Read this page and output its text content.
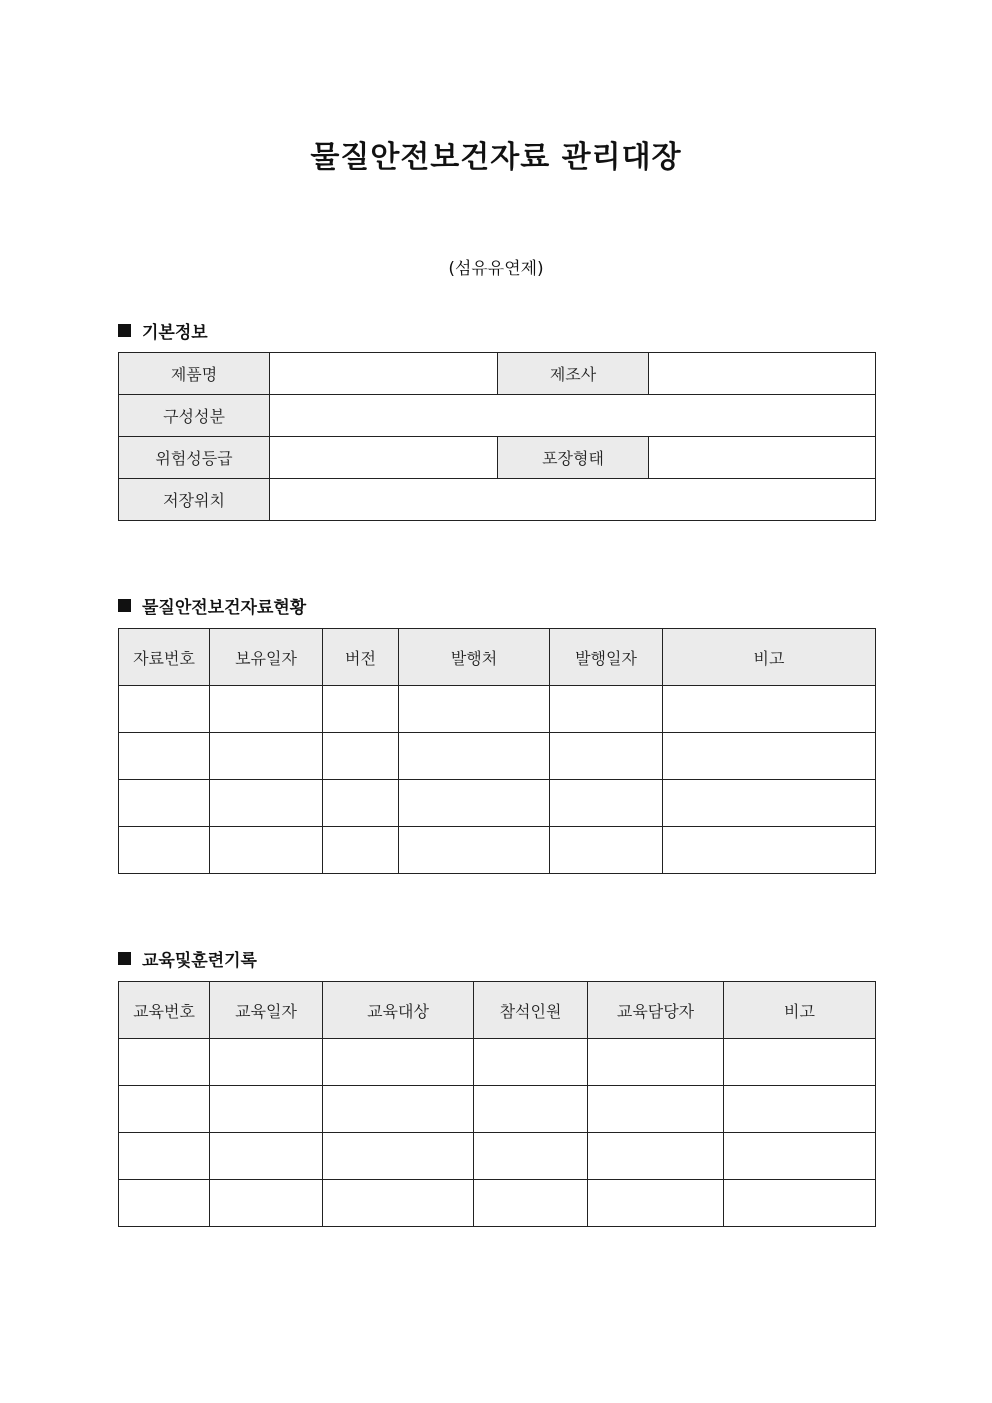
물질안전보건자료 관리대장
(섬유유연제)
기본정보
제품명		제조사	
구성성분			
위험성등급		포장형태	
저장위치			
물질안전보건자료현황
자료번호	보유일자	버전	발행처	발행일자	비고

교육및훈련기록
교육번호	교육일자	교육대상	참석인원	교육담당자	비고
